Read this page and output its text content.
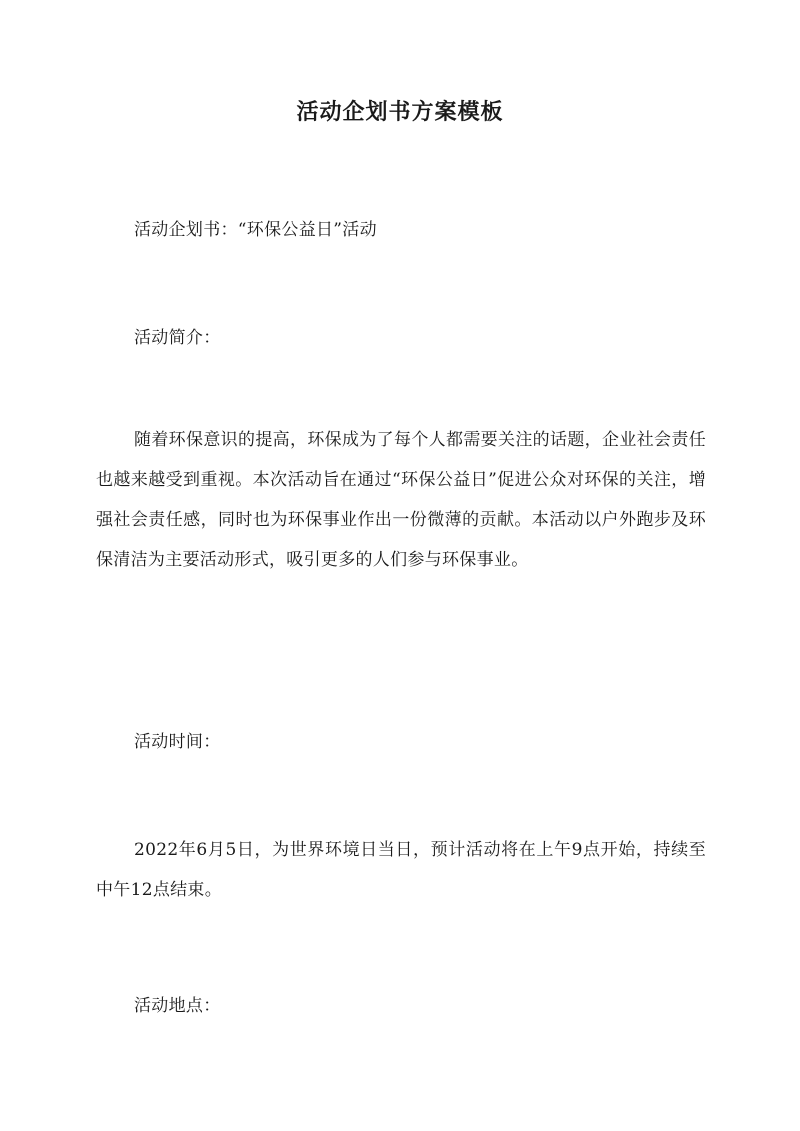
活动企划书方案模板

活动企划书：“环保公益日”活动

活动简介：

随着环保意识的提高，环保成为了每个人都需要关注的话题，企业社会责任也越来越受到重视。本次活动旨在通过“环保公益日”促进公众对环保的关注，增强社会责任感，同时也为环保事业作出一份微薄的贡献。本活动以户外跑步及环保清洁为主要活动形式，吸引更多的人们参与环保事业。

活动时间：

2022年6月5日，为世界环境日当日，预计活动将在上午9点开始，持续至中午12点结束。

活动地点：
